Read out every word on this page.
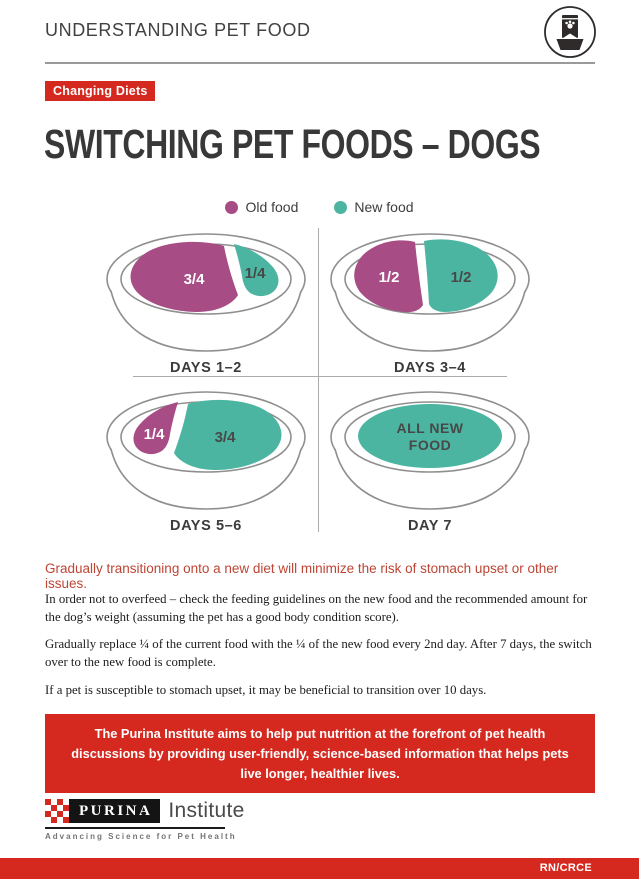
UNDERSTANDING PET FOOD
Changing Diets
SWITCHING PET FOODS – DOGS
Old food	New food
3/4	1/4
DAYS 1–2
1/2	1/2
DAYS 3–4
1/4	3/4
DAYS 5–6
ALL NEW
FOOD
DAY 7
Gradually transitioning onto a new diet will minimize the risk of stomach upset or other issues.

In order not to overfeed – check the feeding guidelines on the new food and the recommended amount for the dog’s weight (assuming the pet has a good body condition score).

Gradually replace ¼ of the current food with the ¼ of the new food every 2nd day. After 7 days, the switch over to the new food is complete.

If a pet is susceptible to stomach upset, it may be beneficial to transition over 10 days.

The Purina Institute aims to help put nutrition at the forefront of pet health discussions by providing user-friendly, science-based information that helps pets live longer, healthier lives.
PURINA Institute
Advancing Science for Pet Health
RN/CRCE
